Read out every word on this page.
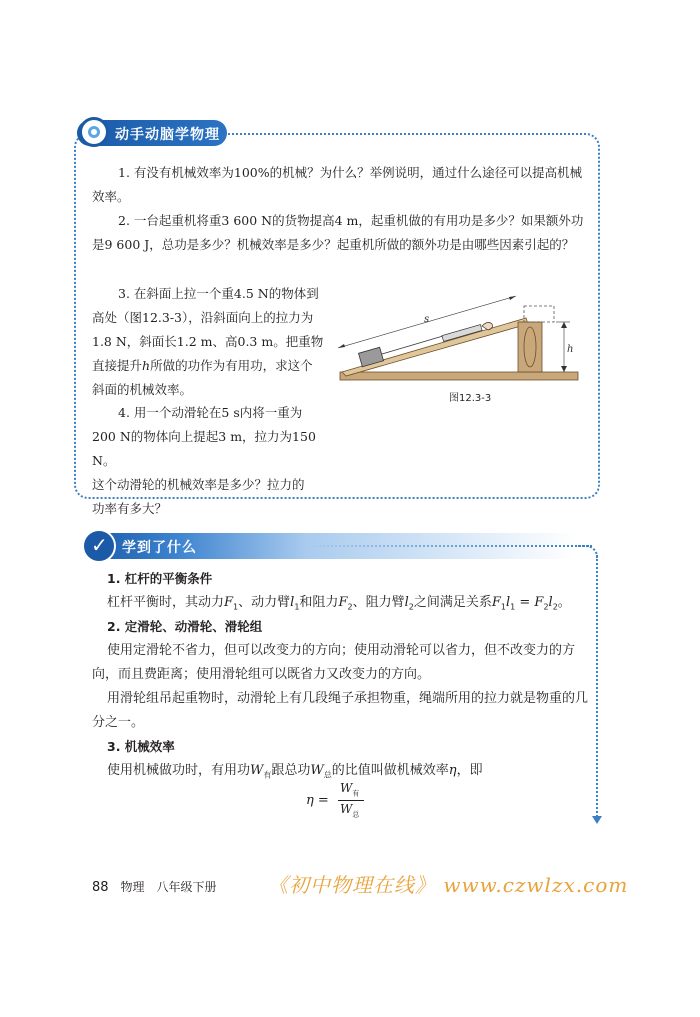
动手动脑学物理
1. 有没有机械效率为100%的机械？为什么？举例说明，通过什么途径可以提高机械效率。
2. 一台起重机将重3 600 N的货物提高4 m，起重机做的有用功是多少？如果额外功是9 600 J，总功是多少？机械效率是多少？起重机所做的额外功是由哪些因素引起的？
3. 在斜面上拉一个重4.5 N的物体到
高处（图12.3-3），沿斜面向上的拉力为
1.8 N，斜面长1.2 m、高0.3 m。把重物
直接提升h所做的功作为有用功，求这个
斜面的机械效率。
4. 用一个动滑轮在5 s内将一重为
200 N的物体向上提起3 m，拉力为150 N。
这个动滑轮的机械效率是多少？拉力的
功率有多大？
s
h
图12.3-3
✓
学到了什么
1. 杠杆的平衡条件
杠杆平衡时，其动力$F_1$、动力臂$l_1$和阻力$F_2$、阻力臂$l_2$之间满足关系$F_1l_1 = F_2l_2$。
2. 定滑轮、动滑轮、滑轮组
使用定滑轮不省力，但可以改变力的方向；使用动滑轮可以省力，但不改变力的方向，而且费距离；使用滑轮组可以既省力又改变力的方向。
用滑轮组吊起重物时，动滑轮上有几段绳子承担物重，绳端所用的拉力就是物重的几分之一。
3. 机械效率
使用机械做功时，有用功$W_有$跟总功$W_总$的比值叫做机械效率η，即
η =
$W_有$
$W_总$
88 物理　八年级下册	《初中物理在线》 www.czwlzx.com
